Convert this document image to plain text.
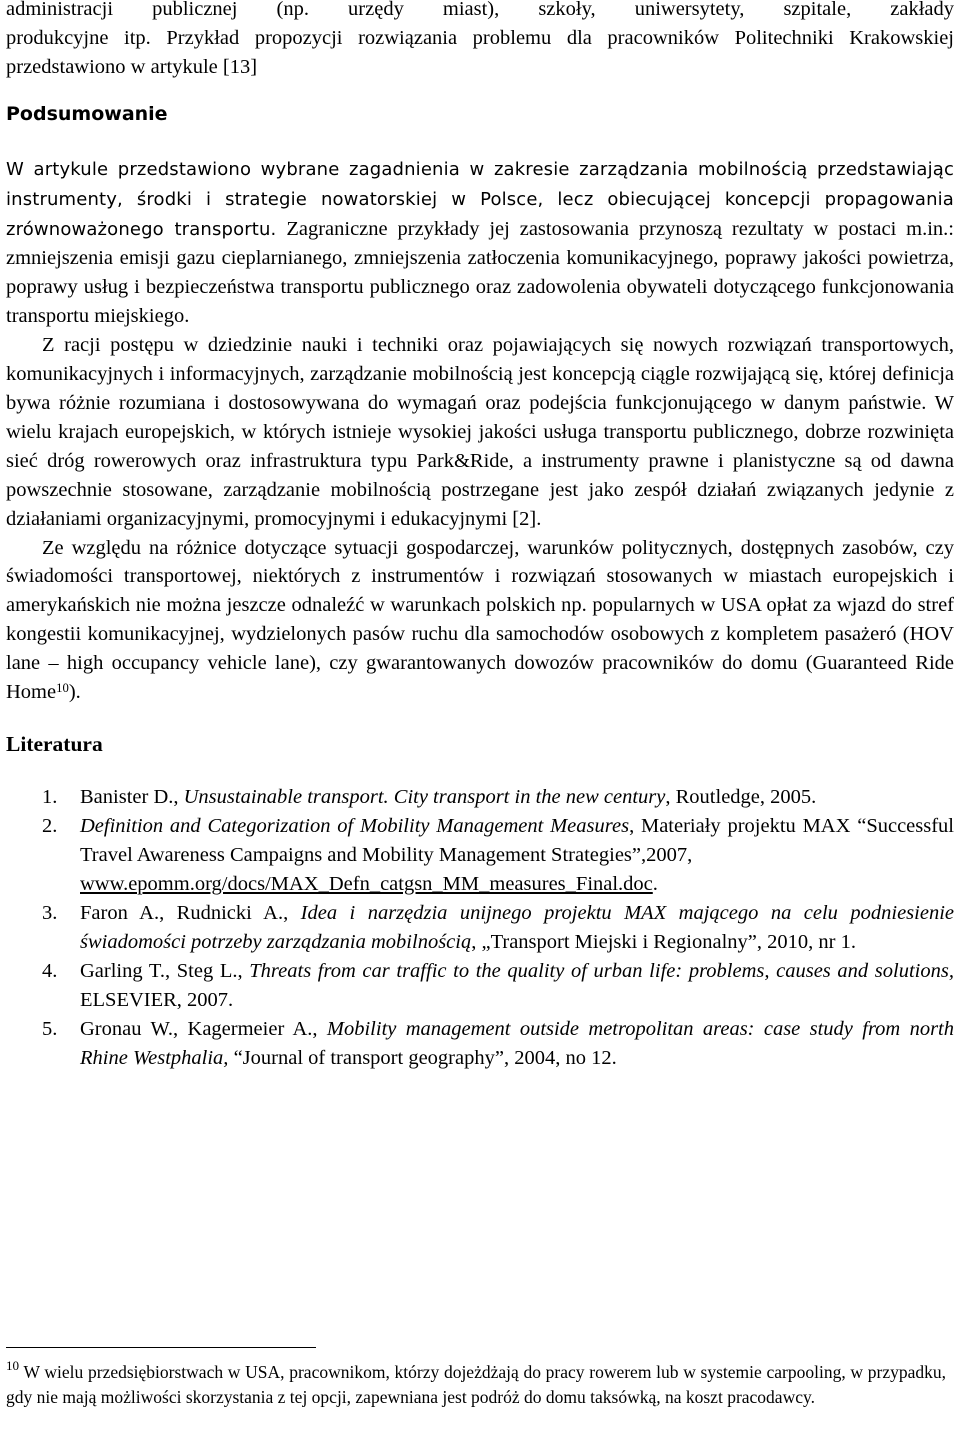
administracji publicznej (np. urzędy miast), szkoły, uniwersytety, szpitale, zakłady

produkcyjne itp. Przykład propozycji rozwiązania problemu dla pracowników Politechniki Krakowskiej przedstawiono w artykule [13]

Podsumowanie

W artykule przedstawiono wybrane zagadnienia w zakresie zarządzania mobilnością przedstawiając instrumenty, środki i strategie nowatorskiej w Polsce, lecz obiecującej koncepcji propagowania zrównoważonego transportu. Zagraniczne przykłady jej zastosowania przynoszą rezultaty w postaci m.in.: zmniejszenia emisji gazu cieplarnianego, zmniejszenia zatłoczenia komunikacyjnego, poprawy jakości powietrza, poprawy usług i bezpieczeństwa transportu publicznego oraz zadowolenia obywateli dotyczącego funkcjonowania transportu miejskiego.

Z racji postępu w dziedzinie nauki i techniki oraz pojawiających się nowych rozwiązań transportowych, komunikacyjnych i informacyjnych, zarządzanie mobilnością jest koncepcją ciągle rozwijającą się, której definicja bywa różnie rozumiana i dostosowywana do wymagań oraz podejścia funkcjonującego w danym państwie. W wielu krajach europejskich, w których istnieje wysokiej jakości usługa transportu publicznego, dobrze rozwinięta sieć dróg rowerowych oraz infrastruktura typu Park&Ride, a instrumenty prawne i planistyczne są od dawna powszechnie stosowane, zarządzanie mobilnością postrzegane jest jako zespół działań związanych jedynie z działaniami organizacyjnymi, promocyjnymi i edukacyjnymi [2].

Ze względu na różnice dotyczące sytuacji gospodarczej, warunków politycznych, dostępnych zasobów, czy świadomości transportowej, niektórych z instrumentów i rozwiązań stosowanych w miastach europejskich i amerykańskich nie można jeszcze odnaleźć w warunkach polskich np. popularnych w USA opłat za wjazd do stref kongestii komunikacyjnej, wydzielonych pasów ruchu dla samochodów osobowych z kompletem pasażeró (HOV lane – high occupancy vehicle lane), czy gwarantowanych dowozów pracowników do domu (Guaranteed Ride Home$^{10}$).

Literatura
1. Banister D., Unsustainable transport. City transport in the new century, Routledge, 2005.
2. Definition and Categorization of Mobility Management Measures, Materiały projektu MAX “Successful Travel Awareness Campaigns and Mobility Management Strategies”,2007,
www.epomm.org/docs/MAX_Defn_catgsn_MM_measures_Final.doc.
3. Faron A., Rudnicki A., Idea i narzędzia unijnego projektu MAX mającego na celu podniesienie świadomości potrzeby zarządzania mobilnością, „Transport Miejski i Regionalny”, 2010, nr 1.
4. Garling T., Steg L., Threats from car traffic to the quality of urban life: problems, causes and solutions, ELSEVIER, 2007.
5. Gronau W., Kagermeier A., Mobility management outside metropolitan areas: case study from north Rhine Westphalia, “Journal of transport geography”, 2004, no 12.
$^{10}$ W wielu przedsiębiorstwach w USA, pracownikom, którzy dojeżdżają do pracy rowerem lub w systemie carpooling, w przypadku, gdy nie mają możliwości skorzystania z tej opcji, zapewniana jest podróż do domu taksówką, na koszt pracodawcy.
